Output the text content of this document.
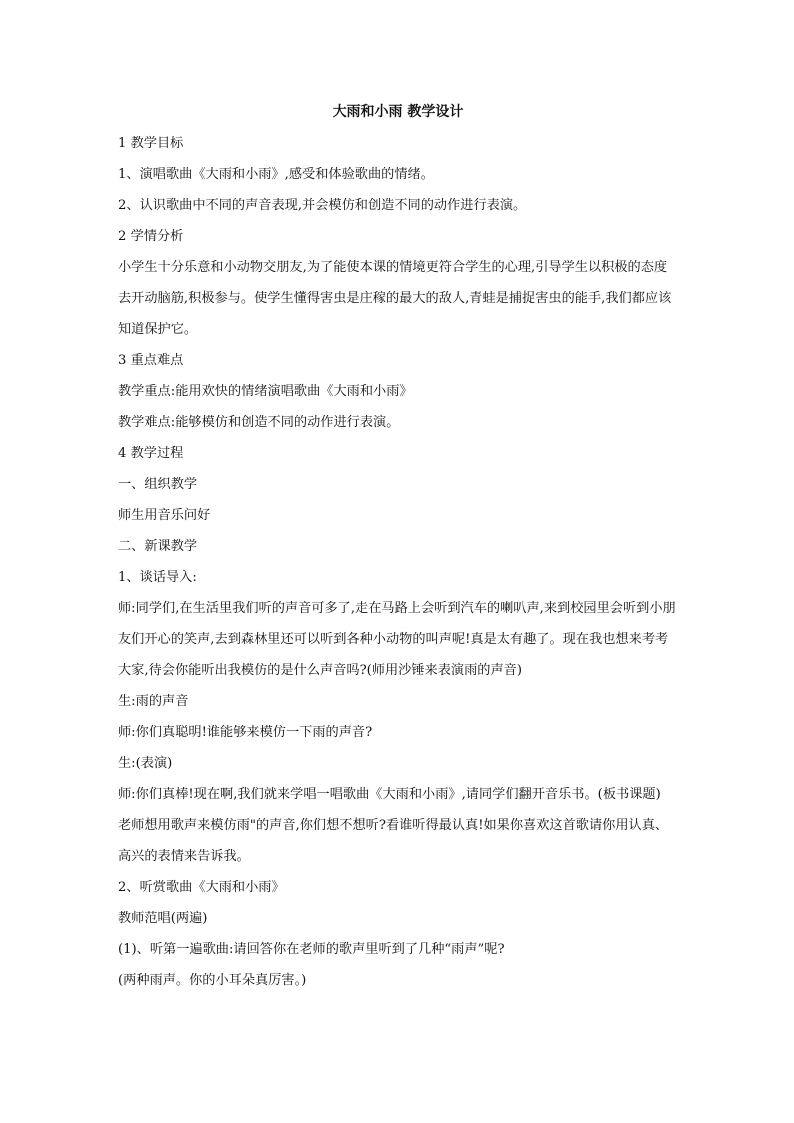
大雨和小雨 教学设计

1 教学目标

1、演唱歌曲《大雨和小雨》,感受和体验歌曲的情绪。

2、认识歌曲中不同的声音表现,并会模仿和创造不同的动作进行表演。

2 学情分析

小学生十分乐意和小动物交朋友,为了能使本课的情境更符合学生的心理,引导学生以积极的态度去开动脑筋,积极参与。使学生懂得害虫是庄稼的最大的敌人,青蛙是捕捉害虫的能手,我们都应该知道保护它。

3 重点难点

教学重点:能用欢快的情绪演唱歌曲《大雨和小雨》

教学难点:能够模仿和创造不同的动作进行表演。

4 教学过程

一、组织教学

师生用音乐问好

二、新课教学

1、谈话导入:

师:同学们,在生活里我们听的声音可多了,走在马路上会听到汽车的喇叭声,来到校园里会听到小朋友们开心的笑声,去到森林里还可以听到各种小动物的叫声呢!真是太有趣了。现在我也想来考考大家,待会你能听出我模仿的是什么声音吗?(师用沙锤来表演雨的声音)

生:雨的声音

师:你们真聪明!谁能够来模仿一下雨的声音?

生:(表演)

师:你们真棒!现在啊,我们就来学唱一唱歌曲《大雨和小雨》,请同学们翻开音乐书。(板书课题)

老师想用歌声来模仿雨"的声音,你们想不想听?看谁听得最认真!如果你喜欢这首歌请你用认真、高兴的表情来告诉我。

2、听赏歌曲《大雨和小雨》

教师范唱(两遍)

(1)、听第一遍歌曲:请回答你在老师的歌声里听到了几种“雨声”呢?

(两种雨声。你的小耳朵真厉害。)
